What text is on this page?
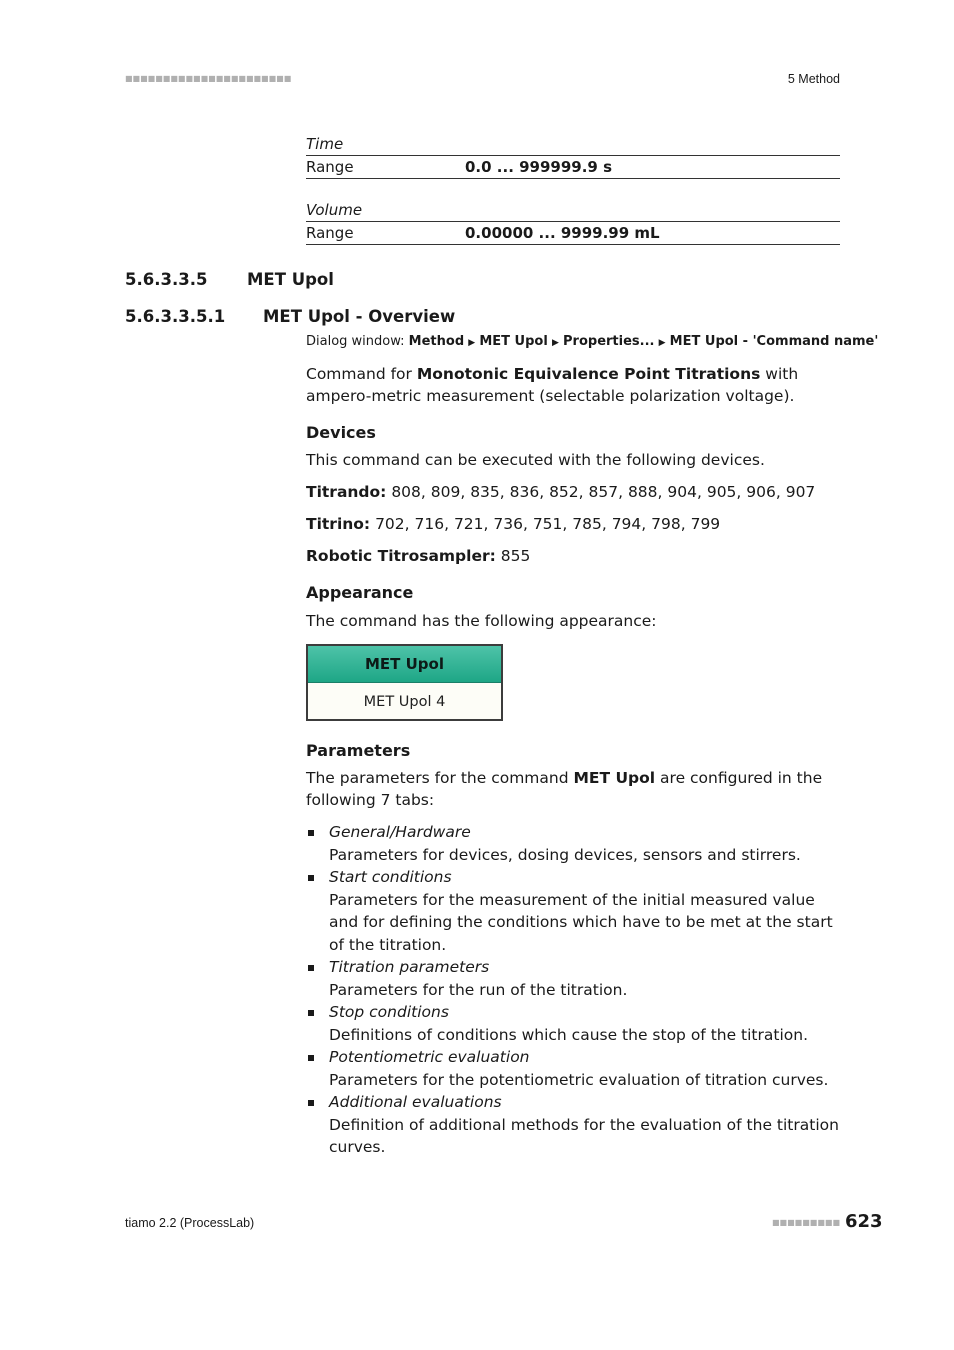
■■■■■■■■■■■■■■■■■■■■■■	5 Method
Time
Range	0.0 ... 999999.9 s
Volume
Range	0.00000 ... 9999.99 mL
5.6.3.3.5 MET Upol
5.6.3.3.5.1 MET Upol - Overview
Dialog window: Method ▶ MET Upol ▶ Properties... ▶ MET Upol - 'Command name'
Command for Monotonic Equivalence Point Titrations with ampero-metric measurement (selectable polarization voltage).
Devices
This command can be executed with the following devices.
Titrando: 808, 809, 835, 836, 852, 857, 888, 904, 905, 906, 907
Titrino: 702, 716, 721, 736, 751, 785, 794, 798, 799
Robotic Titrosampler: 855
Appearance
The command has the following appearance:
MET Upol
MET Upol 4
Parameters
The parameters for the command MET Upol are configured in the following 7 tabs:
General/Hardware
Parameters for devices, dosing devices, sensors and stirrers.
Start conditions
Parameters for the measurement of the initial measured value and for defining the conditions which have to be met at the start of the titration.
Titration parameters
Parameters for the run of the titration.
Stop conditions
Definitions of conditions which cause the stop of the titration.
Potentiometric evaluation
Parameters for the potentiometric evaluation of titration curves.
Additional evaluations
Definition of additional methods for the evaluation of the titration curves.
tiamo 2.2 (ProcessLab)	■■■■■■■■■ 623
